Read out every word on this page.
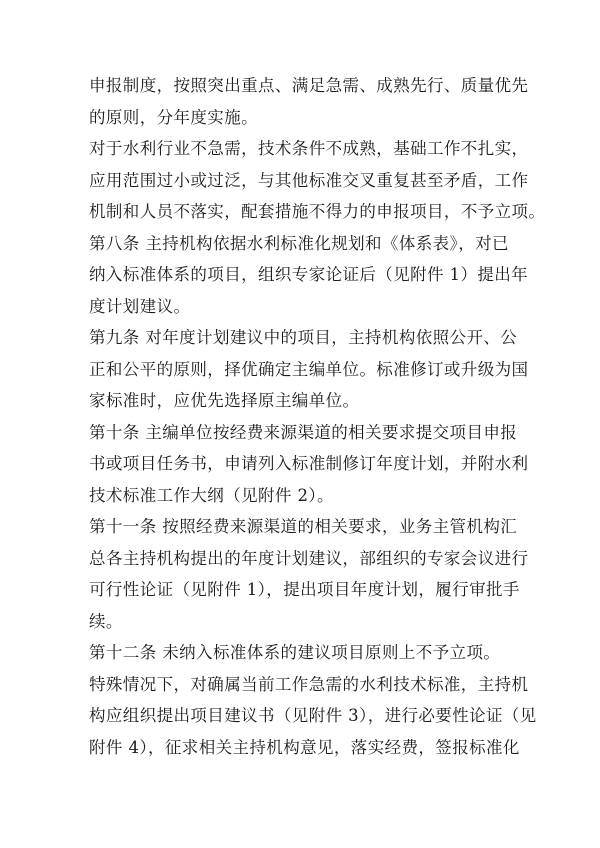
申报制度，按照突出重点、满足急需、成熟先行、质量优先
的原则，分年度实施。
对于水利行业不急需，技术条件不成熟，基础工作不扎实，
应用范围过小或过泛，与其他标准交叉重复甚至矛盾，工作
机制和人员不落实，配套措施不得力的申报项目，不予立项。
第八条 主持机构依据水利标准化规划和《体系表》，对已
纳入标准体系的项目，组织专家论证后（见附件 1）提出年
度计划建议。
第九条 对年度计划建议中的项目，主持机构依照公开、公
正和公平的原则，择优确定主编单位。标准修订或升级为国
家标准时，应优先选择原主编单位。
第十条 主编单位按经费来源渠道的相关要求提交项目申报
书或项目任务书，申请列入标准制修订年度计划，并附水利
技术标准工作大纲（见附件 2）。
第十一条 按照经费来源渠道的相关要求，业务主管机构汇
总各主持机构提出的年度计划建议，部组织的专家会议进行
可行性论证（见附件 1），提出项目年度计划，履行审批手
续。
第十二条 未纳入标准体系的建议项目原则上不予立项。
特殊情况下，对确属当前工作急需的水利技术标准，主持机
构应组织提出项目建议书（见附件 3），进行必要性论证（见
附件 4），征求相关主持机构意见，落实经费，签报标准化
